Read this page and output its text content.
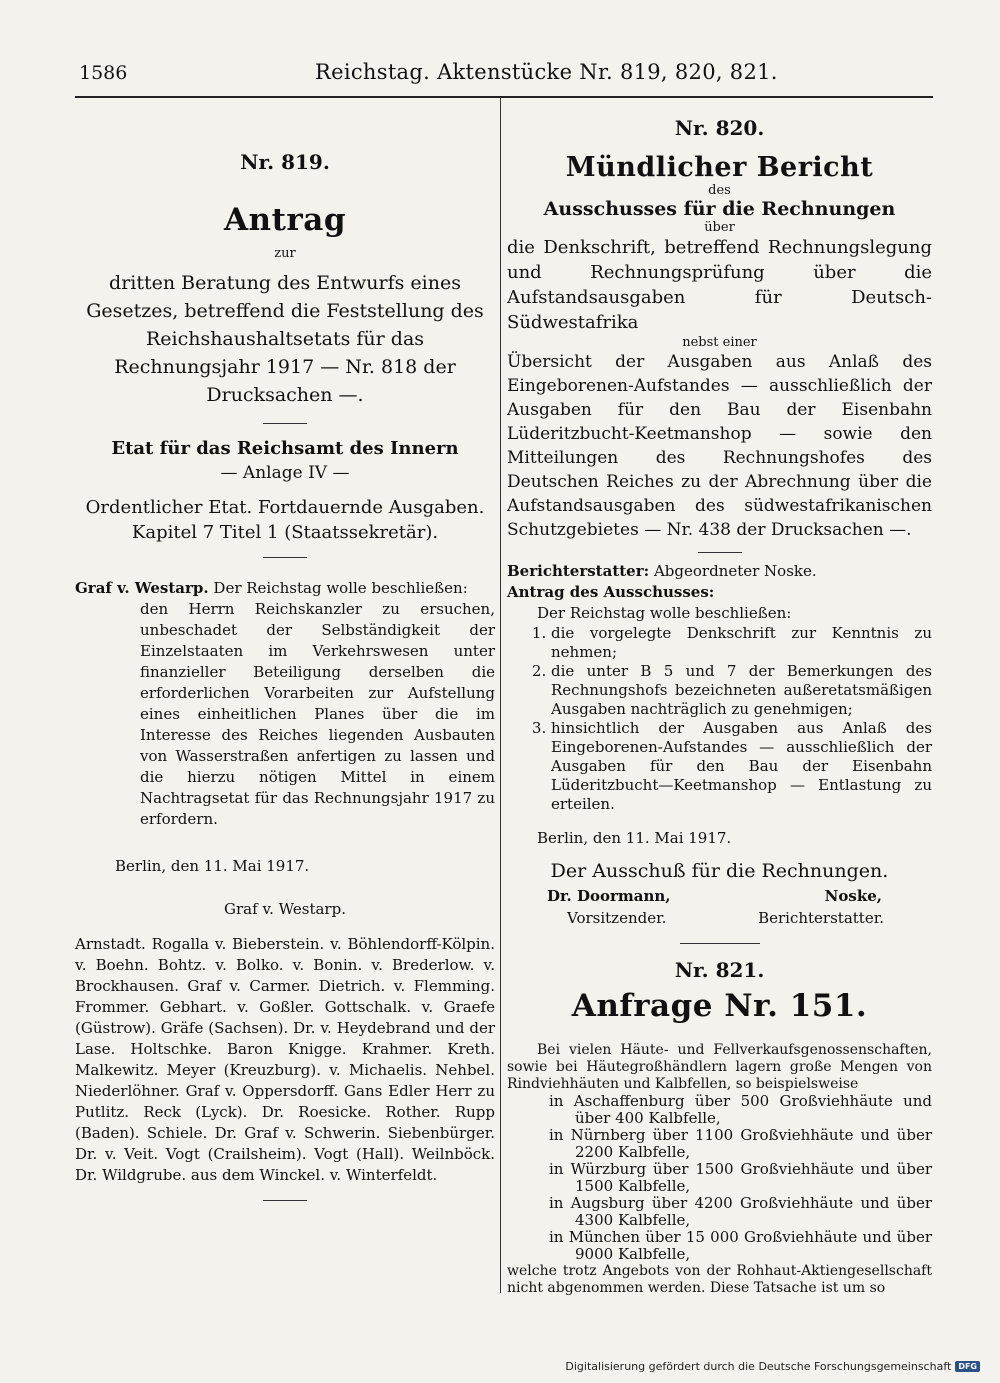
1586	Reichstag. Aktenstücke Nr. 819, 820, 821.

Nr. 819.

Antrag

zur

dritten Beratung des Entwurfs eines Gesetzes, betreffend die Feststellung des Reichshaushaltsetats für das Rechnungsjahr 1917 — Nr. 818 der Drucksachen —.

Etat für das Reichsamt des Innern

— Anlage IV —

Ordentlicher Etat. Fortdauernde Ausgaben. Kapitel 7 Titel 1 (Staatssekretär).

Graf v. Westarp. Der Reichstag wolle beschließen:

den Herrn Reichskanzler zu ersuchen, unbeschadet der Selbständigkeit der Einzelstaaten im Verkehrswesen unter finanzieller Beteiligung derselben die erforderlichen Vorarbeiten zur Aufstellung eines einheitlichen Planes über die im Interesse des Reiches liegenden Ausbauten von Wasserstraßen anfertigen zu lassen und die hierzu nötigen Mittel in einem Nachtragsetat für das Rechnungsjahr 1917 zu erfordern.

Berlin, den 11. Mai 1917.

Graf v. Westarp.

Arnstadt. Rogalla v. Bieberstein. v. Böhlendorff-Kölpin. v. Boehn. Bohtz. v. Bolko. v. Bonin. v. Brederlow. v. Brockhausen. Graf v. Carmer. Dietrich. v. Flemming. Frommer. Gebhart. v. Goßler. Gottschalk. v. Graefe (Güstrow). Gräfe (Sachsen). Dr. v. Heydebrand und der Lase. Holtschke. Baron Knigge. Krahmer. Kreth. Malkewitz. Meyer (Kreuzburg). v. Michaelis. Nehbel. Niederlöhner. Graf v. Oppersdorff. Gans Edler Herr zu Putlitz. Reck (Lyck). Dr. Roesicke. Rother. Rupp (Baden). Schiele. Dr. Graf v. Schwerin. Siebenbürger. Dr. v. Veit. Vogt (Crailsheim). Vogt (Hall). Weilnböck. Dr. Wildgrube. aus dem Winckel. v. Winterfeldt.

Nr. 820.

Mündlicher Bericht

des

Ausschusses für die Rechnungen

über

die Denkschrift, betreffend Rechnungslegung und Rechnungsprüfung über die Aufstandsausgaben für Deutsch-Südwestafrika

nebst einer

Übersicht der Ausgaben aus Anlaß des Eingeborenen-Aufstandes — ausschließlich der Ausgaben für den Bau der Eisenbahn Lüderitzbucht-Keetmanshop — sowie den Mitteilungen des Rechnungshofes des Deutschen Reiches zu der Abrechnung über die Aufstandsausgaben des südwestafrikanischen Schutzgebietes — Nr. 438 der Drucksachen —.

Berichterstatter: Abgeordneter Noske.

Antrag des Ausschusses:

Der Reichstag wolle beschließen:

1. die vorgelegte Denkschrift zur Kenntnis zu nehmen;
2. die unter B 5 und 7 der Bemerkungen des Rechnungshofs bezeichneten außeretatsmäßigen Ausgaben nachträglich zu genehmigen;
3. hinsichtlich der Ausgaben aus Anlaß des Eingeborenen-Aufstandes — ausschließlich der Ausgaben für den Bau der Eisenbahn Lüderitzbucht—Keetmanshop — Entlastung zu erteilen.

Berlin, den 11. Mai 1917.

Der Ausschuß für die Rechnungen.

Dr. Doormann,	Noske,
Vorsitzender.	Berichterstatter.

Nr. 821.

Anfrage Nr. 151.

Bei vielen Häute- und Fellverkaufsgenossenschaften, sowie bei Häutegroßhändlern lagern große Mengen von Rindviehhäuten und Kalbfellen, so beispielsweise

in Aschaffenburg über 500 Großviehhäute und über 400 Kalbfelle,
in Nürnberg über 1100 Großviehhäute und über 2200 Kalbfelle,
in Würzburg über 1500 Großviehhäute und über 1500 Kalbfelle,
in Augsburg über 4200 Großviehhäute und über 4300 Kalbfelle,
in München über 15 000 Großviehhäute und über 9000 Kalbfelle,

welche trotz Angebots von der Rohhaut-Aktiengesellschaft nicht abgenommen werden. Diese Tatsache ist um so

Digitalisierung gefördert durch die Deutsche Forschungsgemeinschaft DFG
